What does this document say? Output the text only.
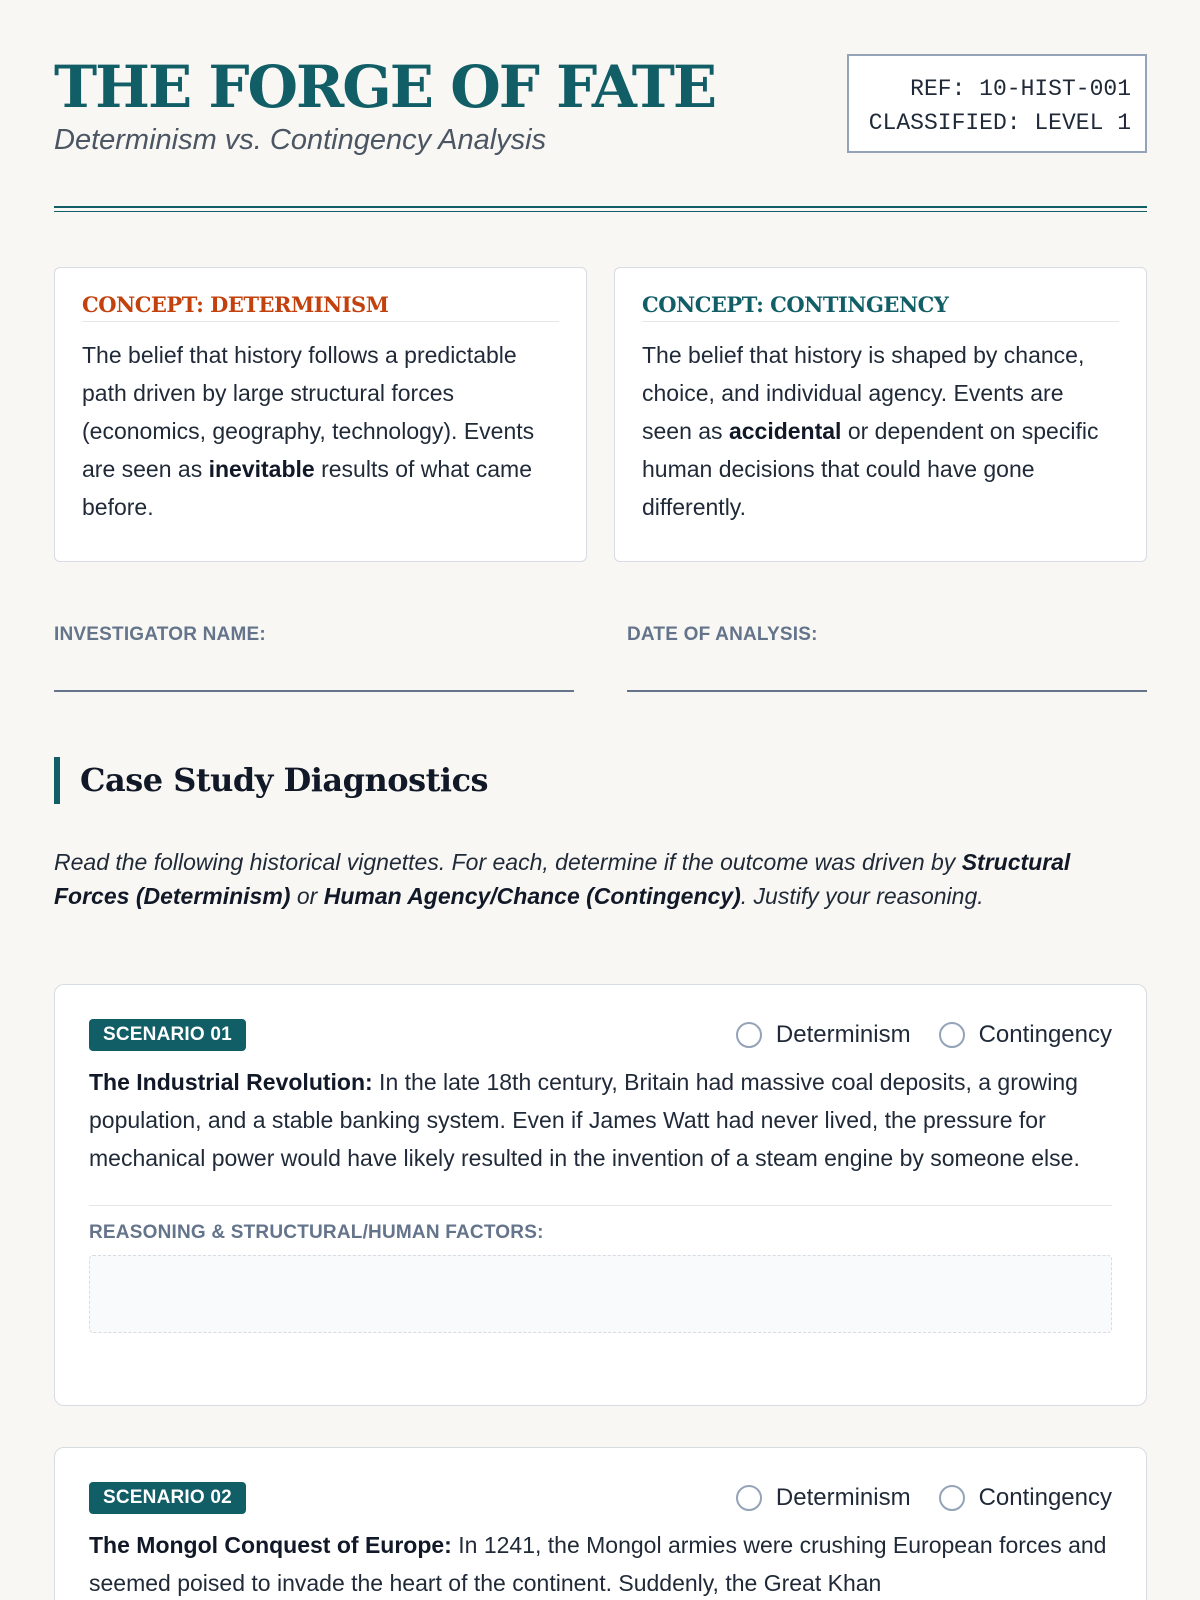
THE FORGE OF FATE
Determinism vs. Contingency Analysis
REF: 10-HIST-001
CLASSIFIED: LEVEL 1
CONCEPT: DETERMINISM

The belief that history follows a predictable path driven by large structural forces (economics, geography, technology). Events are seen as inevitable results of what came before.

CONCEPT: CONTINGENCY

The belief that history is shaped by chance, choice, and individual agency. Events are seen as accidental or dependent on specific human decisions that could have gone differently.

INVESTIGATOR NAME:	DATE OF ANALYSIS:
Case Study Diagnostics

Read the following historical vignettes. For each, determine if the outcome was driven by Structural Forces (Determinism) or Human Agency/Chance (Contingency). Justify your reasoning.

SCENARIO 01	Determinism	Contingency

The Industrial Revolution: In the late 18th century, Britain had massive coal deposits, a growing population, and a stable banking system. Even if James Watt had never lived, the pressure for mechanical power would have likely resulted in the invention of a steam engine by someone else.

REASONING & STRUCTURAL/HUMAN FACTORS:
SCENARIO 02	Determinism	Contingency

The Mongol Conquest of Europe: In 1241, the Mongol armies were crushing European forces and seemed poised to invade the heart of the continent. Suddenly, the Great Khan
